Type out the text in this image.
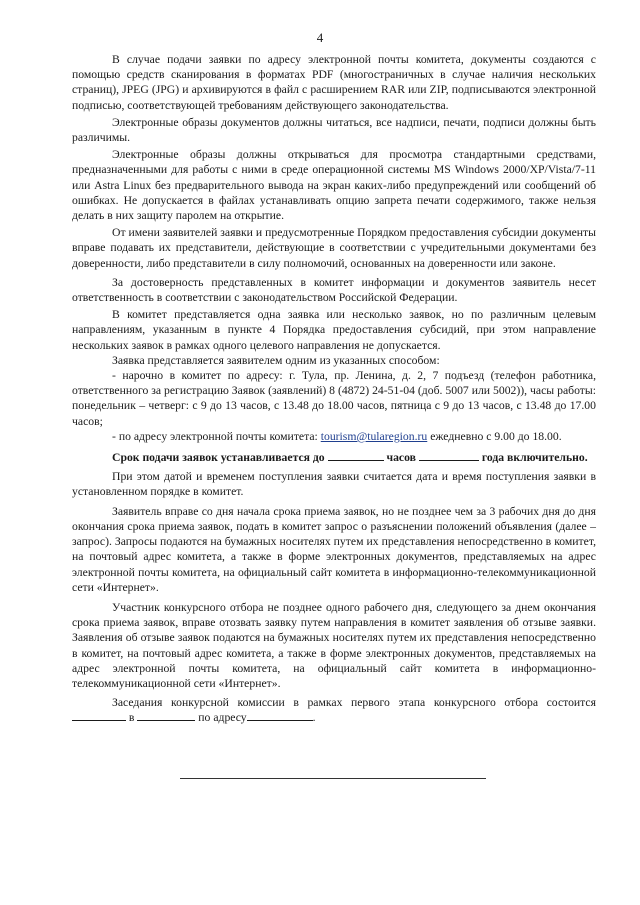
4

В случае подачи заявки по адресу электронной почты комитета, документы создаются с помощью средств сканирования в форматах PDF (многостраничных в случае наличия нескольких страниц), JPEG (JPG) и архивируются в файл с расширением RAR или ZIP, подписываются электронной подписью, соответствующей требованиям действующего законодательства.

Электронные образы документов должны читаться, все надписи, печати, подписи должны быть различимы.

Электронные образы должны открываться для просмотра стандартными средствами, предназначенными для работы с ними в среде операционной системы MS Windows 2000/XP/Vista/7-11 или Astra Linux без предварительного вывода на экран каких-либо предупреждений или сообщений об ошибках. Не допускается в файлах устанавливать опцию запрета печати содержимого, также нельзя делать в них защиту паролем на открытие.

От имени заявителей заявки и предусмотренные Порядком предоставления субсидии документы вправе подавать их представители, действующие в соответствии с учредительными документами без доверенности, либо представители в силу полномочий, основанных на доверенности или законе.

За достоверность представленных в комитет информации и документов заявитель несет ответственность в соответствии с законодательством Российской Федерации.

В комитет представляется одна заявка или несколько заявок, но по различным целевым направлениям, указанным в пункте 4 Порядка предоставления субсидий, при этом направление нескольких заявок в рамках одного целевого направления не допускается.

Заявка представляется заявителем одним из указанных способом:

- нарочно в комитет по адресу: г. Тула, пр. Ленина, д. 2, 7 подъезд (телефон работника, ответственного за регистрацию Заявок (заявлений) 8 (4872) 24-51-04 (доб. 5007 или 5002)), часы работы: понедельник – четверг: с 9 до 13 часов, с 13.48 до 18.00 часов, пятница с 9 до 13 часов, с 13.48 до 17.00 часов;

- по адресу электронной почты комитета: tourism@tularegion.ru ежедневно с 9.00 до 18.00.

Срок подачи заявок устанавливается до	часов	года включительно.

При этом датой и временем поступления заявки считается дата и время поступления заявки в установленном порядке в комитет.

Заявитель вправе со дня начала срока приема заявок, но не позднее чем за 3 рабочих дня до дня окончания срока приема заявок, подать в комитет запрос о разъяснении положений объявления (далее – запрос). Запросы подаются на бумажных носителях путем их представления непосредственно в комитет, на почтовый адрес комитета, а также в форме электронных документов, представляемых на адрес электронной почты комитета, на официальный сайт комитета в информационно-телекоммуникационной сети «Интернет».

Участник конкурсного отбора не позднее одного рабочего дня, следующего за днем окончания срока приема заявок, вправе отозвать заявку путем направления в комитет заявления об отзыве заявки. Заявления об отзыве заявок подаются на бумажных носителях путем их представления непосредственно в комитет, на почтовый адрес комитета, а также в форме электронных документов, представляемых на адрес электронной почты комитета, на официальный сайт комитета в информационно-телекоммуникационной сети «Интернет».

Заседания конкурсной комиссии в рамках первого этапа конкурсного отбора состоится  в	по адресу	.
